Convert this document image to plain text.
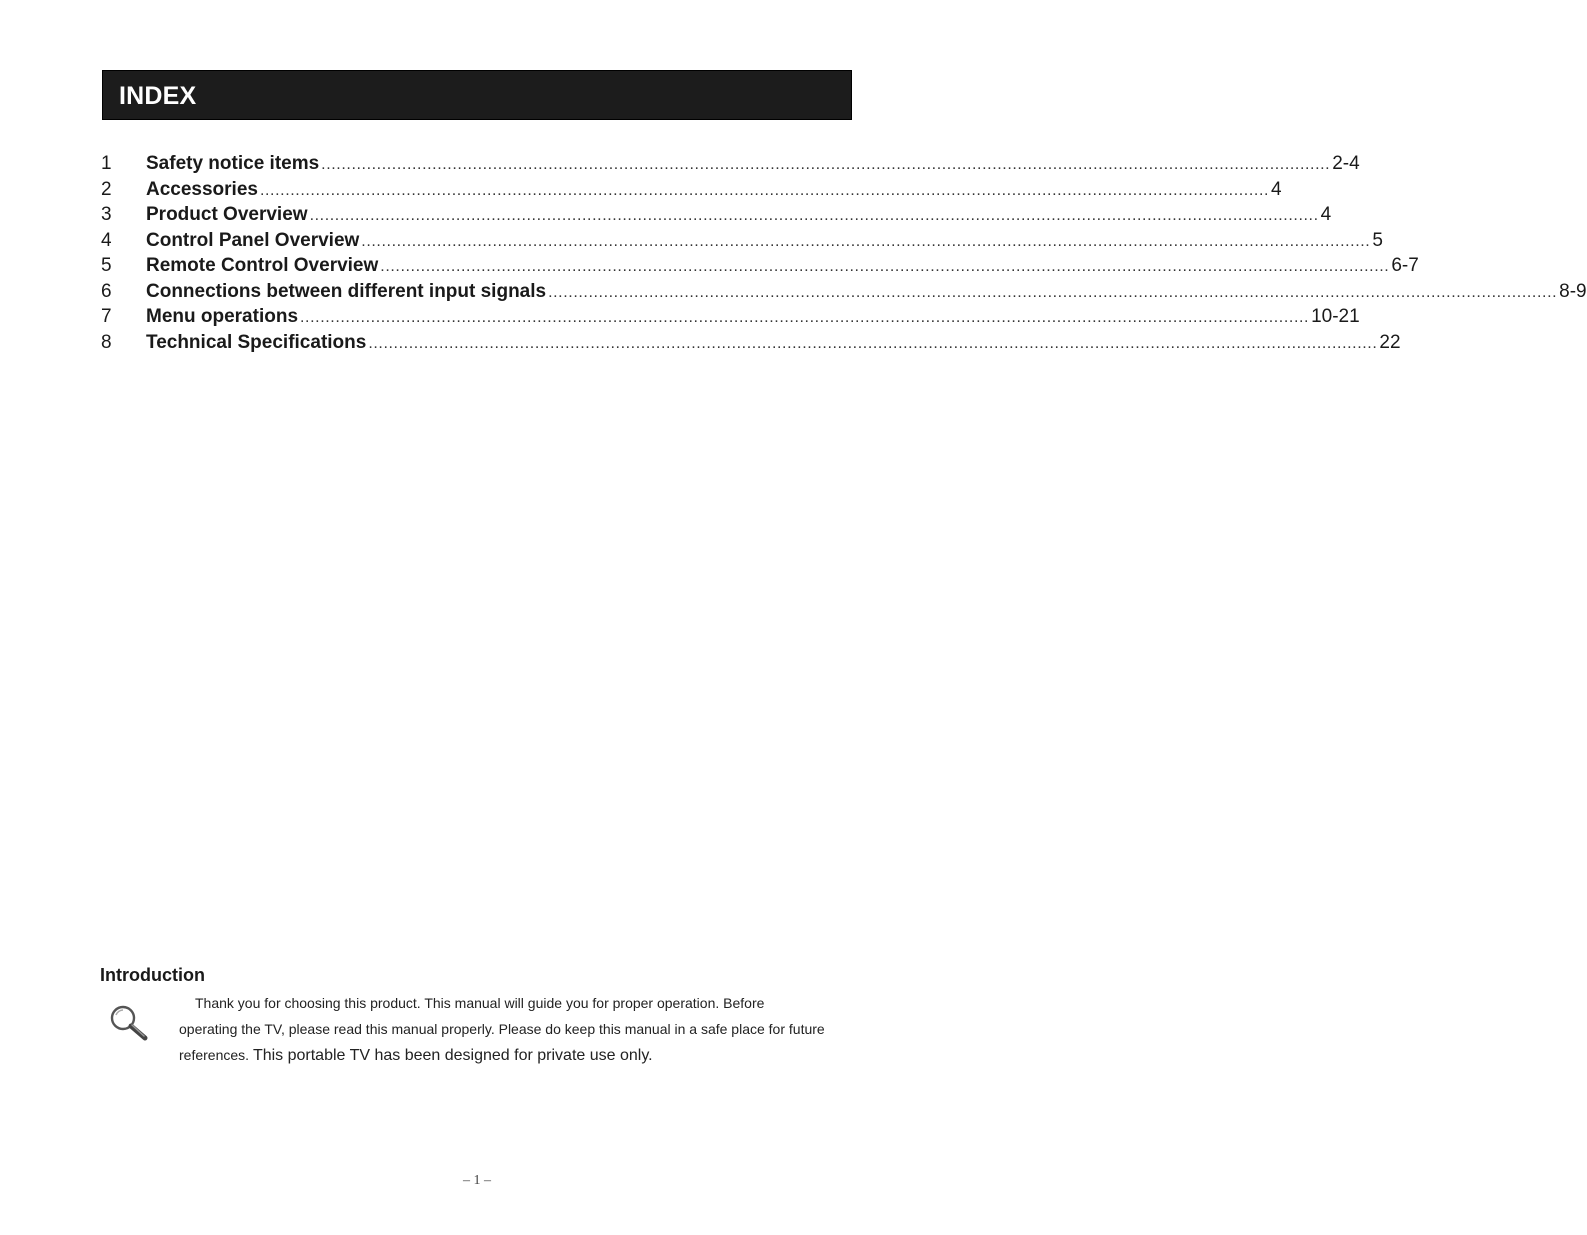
INDEX
1	Safety notice items ........................................................................................................................................................................................................ 2-4
2	Accessories ........................................................................................................................................................................................................ 4
3	Product Overview ........................................................................................................................................................................................................ 4
4	Control Panel Overview ........................................................................................................................................................................................................ 5
5	Remote Control Overview ........................................................................................................................................................................................................ 6-7
6	Connections between different input signals ........................................................................................................................................................................................................ 8-9
7	Menu operations ........................................................................................................................................................................................................ 10-21
8	Technical Specifications ........................................................................................................................................................................................................ 22
Introduction
Thank you for choosing this product. This manual will guide you for proper operation. Before
operating the TV, please read this manual properly. Please do keep this manual in a safe place for future
references. This portable TV has been designed for private use only.
– 1 –
